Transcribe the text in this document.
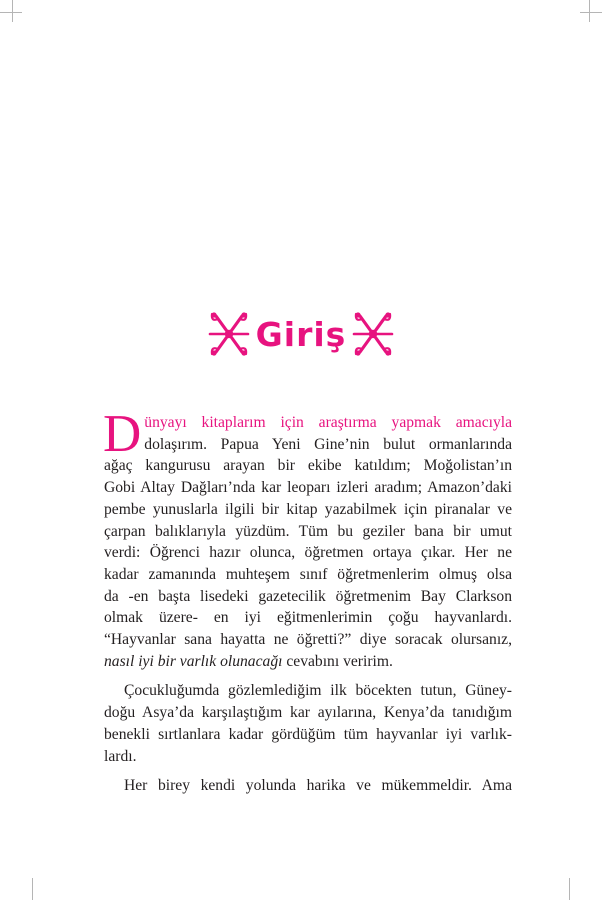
Giriş

D ünyayı kitaplarım için araştırma yapmak amacıyla
dolaşırım. Papua Yeni Gine’nin bulut ormanlarında
ağaç kangurusu arayan bir ekibe katıldım; Moğolistan’ın
Gobi Altay Dağları’nda kar leoparı izleri aradım; Amazon’daki
pembe yunuslarla ilgili bir kitap yazabilmek için piranalar ve
çarpan balıklarıyla yüzdüm. Tüm bu geziler bana bir umut
verdi: Öğrenci hazır olunca, öğretmen ortaya çıkar. Her ne
kadar zamanında muhteşem sınıf öğretmenlerim olmuş olsa
da -en başta lisedeki gazetecilik öğretmenim Bay Clarkson
olmak üzere- en iyi eğitmenlerimin çoğu hayvanlardı.
“Hayvanlar sana hayatta ne öğretti?” diye soracak olursanız,
nasıl iyi bir varlık olunacağı cevabını veririm.

Çocukluğumda gözlemlediğim ilk böcekten tutun, Güney-
doğu Asya’da karşılaştığım kar ayılarına, Kenya’da tanıdığım
benekli sırtlanlara kadar gördüğüm tüm hayvanlar iyi varlık-
lardı.

Her birey kendi yolunda harika ve mükemmeldir. Ama
